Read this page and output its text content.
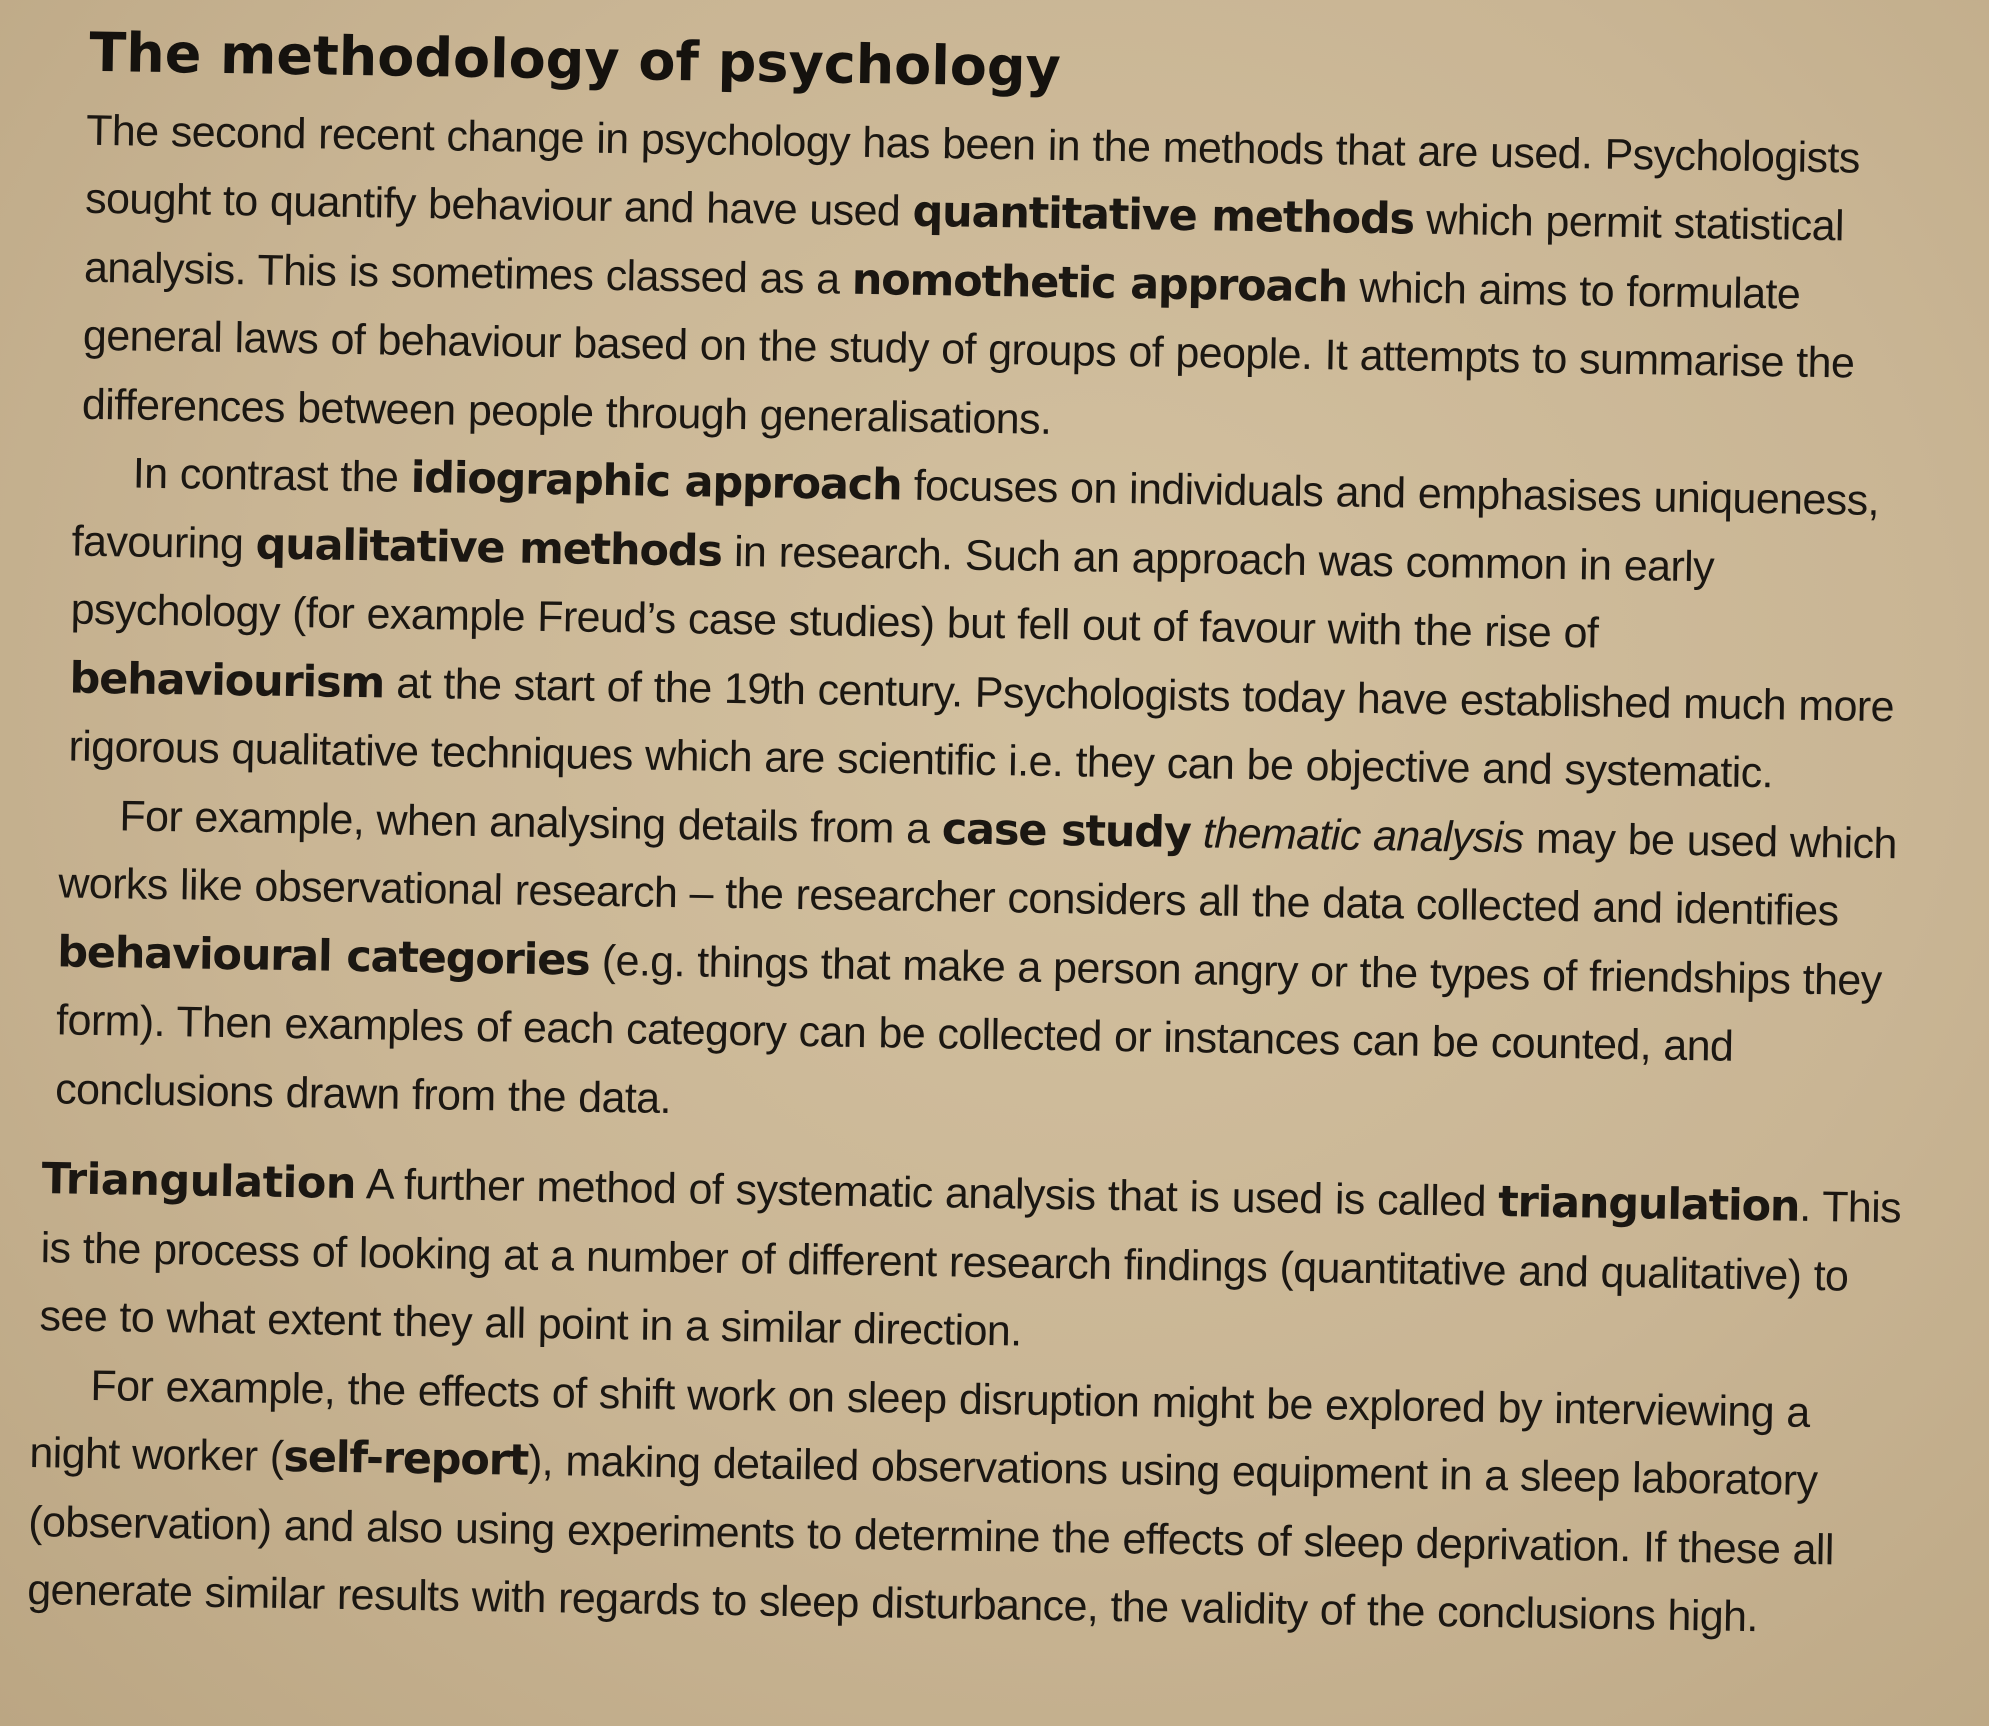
The methodology of psychology

The second recent change in psychology has been in the methods that are used. Psychologists sought to quantify behaviour and have used quantitative methods which permit statistical analysis. This is sometimes classed as a nomothetic approach which aims to formulate general laws of behaviour based on the study of groups of people. It attempts to summarise the differences between people through generalisations.

In contrast the idiographic approach focuses on individuals and emphasises uniqueness, favouring qualitative methods in research. Such an approach was common in early psychology (for example Freud’s case studies) but fell out of favour with the rise of behaviourism at the start of the 19th century. Psychologists today have established much more rigorous qualitative techniques which are scientific i.e. they can be objective and systematic.

For example, when analysing details from a case study thematic analysis may be used which works like observational research – the researcher considers all the data collected and identifies behavioural categories (e.g. things that make a person angry or the types of friendships they form). Then examples of each category can be collected or instances can be counted, and conclusions drawn from the data.

Triangulation A further method of systematic analysis that is used is called triangulation. This is the process of looking at a number of different research findings (quantitative and qualitative) to see to what extent they all point in a similar direction.

For example, the effects of shift work on sleep disruption might be explored by interviewing a night worker (self-report), making detailed observations using equipment in a sleep laboratory (observation) and also using experiments to determine the effects of sleep deprivation. If these all generate similar results with regards to sleep disturbance, the validity of the conclusions high.
